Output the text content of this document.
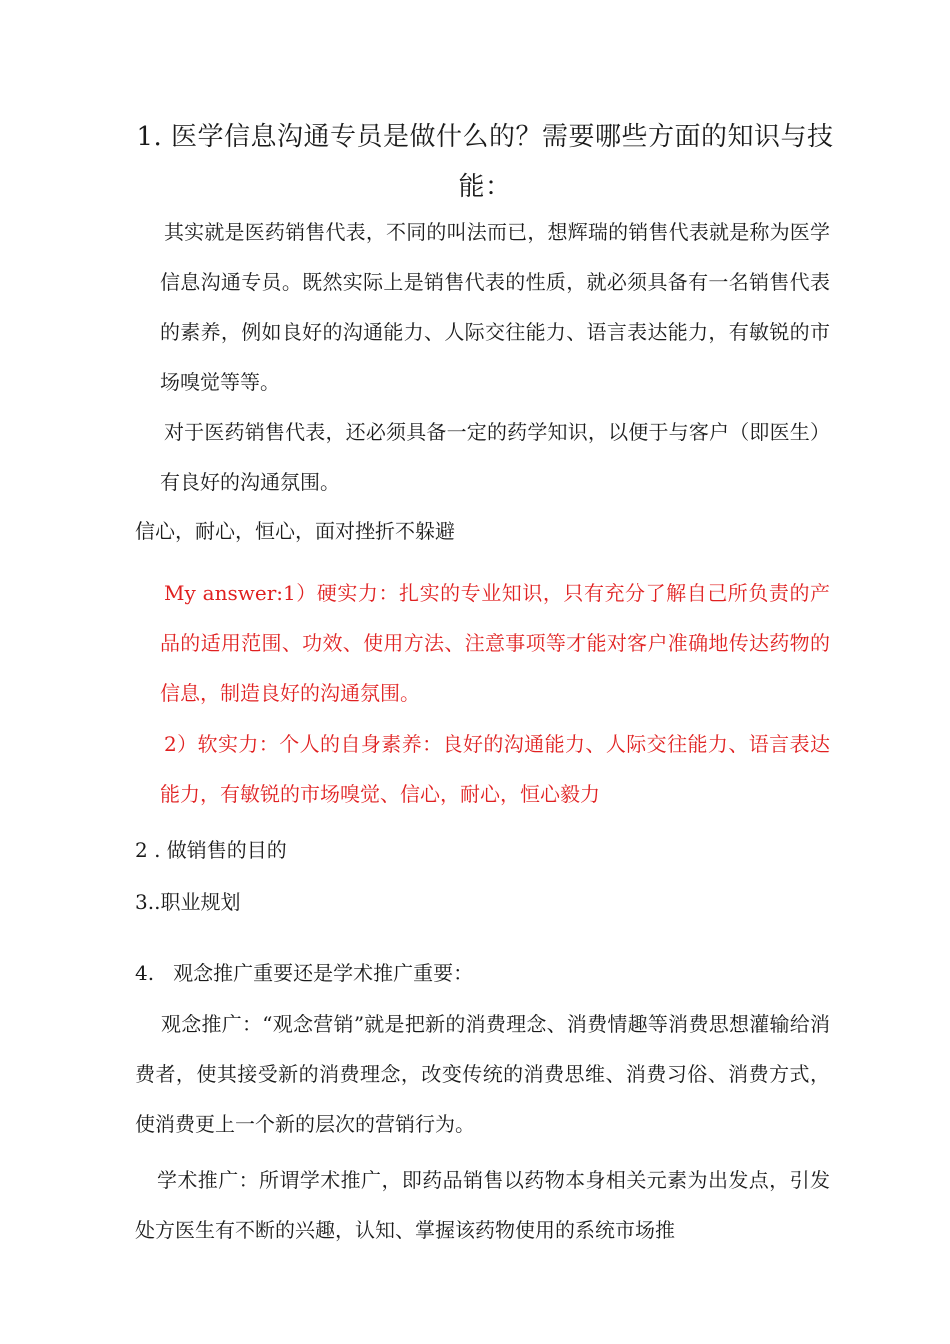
1. 医学信息沟通专员是做什么的？需要哪些方面的知识与技能：
其实就是医药销售代表，不同的叫法而已，想辉瑞的销售代表就是称为医学信息沟通专员。既然实际上是销售代表的性质，就必须具备有一名销售代表的素养，例如良好的沟通能力、人际交往能力、语言表达能力，有敏锐的市场嗅觉等等。
对于医药销售代表，还必须具备一定的药学知识，以便于与客户（即医生）有良好的沟通氛围。
信心，耐心，恒心，面对挫折不躲避
My answer:1）硬实力：扎实的专业知识，只有充分了解自己所负责的产品的适用范围、功效、使用方法、注意事项等才能对客户准确地传达药物的信息，制造良好的沟通氛围。
2）软实力：个人的自身素养：良好的沟通能力、人际交往能力、语言表达能力，有敏锐的市场嗅觉、信心，耐心，恒心毅力
2 . 做销售的目的
3..职业规划
4.   观念推广重要还是学术推广重要：
观念推广：“观念营销”就是把新的消费理念、消费情趣等消费思想灌输给消费者，使其接受新的消费理念，改变传统的消费思维、消费习俗、消费方式，使消费更上一个新的层次的营销行为。
学术推广：所谓学术推广，即药品销售以药物本身相关元素为出发点，引发处方医生有不断的兴趣，认知、掌握该药物使用的系统市场推
